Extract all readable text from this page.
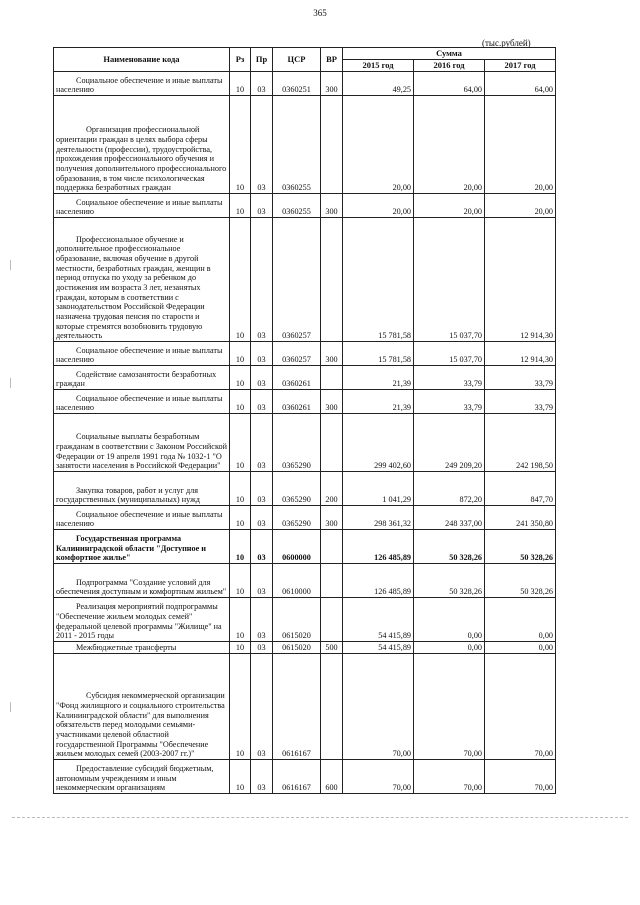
365
(тыс.рублей)
Наименование кода	Рз	Пр	ЦСР	ВР	Сумма		
					2015 год	2016 год	2017 год
Социальное обеспечение и иные выплаты населению	10	03	0360251	300	49,25	64,00	64,00
Организация профессиональной ориентации граждан в целях выбора сферы деятельности (профессии), трудоустройства, прохождения профессионального обучения и получения дополнительного профессионального образования, в том числе психологическая поддержка безработных граждан	10	03	0360255		20,00	20,00	20,00
Социальное обеспечение и иные выплаты населению	10	03	0360255	300	20,00	20,00	20,00
Профессиональное обучение и дополнительное профессиональное образование, включая обучение в другой местности, безработных граждан, женщин в период отпуска по уходу за ребенком до достижения им возраста 3 лет, незанятых граждан, которым в соответствии с законодательством Российской Федерации назначена трудовая пенсия по старости и которые стремятся возобновить трудовую деятельность	10	03	0360257		15 781,58	15 037,70	12 914,30
Социальное обеспечение и иные выплаты населению	10	03	0360257	300	15 781,58	15 037,70	12 914,30
Содействие самозанятости безработных граждан	10	03	0360261		21,39	33,79	33,79
Социальное обеспечение и иные выплаты населению	10	03	0360261	300	21,39	33,79	33,79
Социальные выплаты безработным гражданам в соответствии с Законом Российской Федерации от 19 апреля 1991 года № 1032-1 "О занятости населения в Российской Федерации"	10	03	0365290		299 402,60	249 209,20	242 198,50
Закупка товаров, работ и услуг для государственных (муниципальных) нужд	10	03	0365290	200	1 041,29	872,20	847,70
Социальное обеспечение и иные выплаты населению	10	03	0365290	300	298 361,32	248 337,00	241 350,80
Государственная программа Калининградской области "Доступное и комфортное жилье"	10	03	0600000		126 485,89	50 328,26	50 328,26
Подпрограмма "Создание условий для обеспечения доступным и комфортным жильем"	10	03	0610000		126 485,89	50 328,26	50 328,26
Реализация мероприятий подпрограммы "Обеспечение жильем молодых семей" федеральной целевой программы "Жилище" на 2011 - 2015 годы	10	03	0615020		54 415,89	0,00	0,00
Межбюджетные трансферты	10	03	0615020	500	54 415,89	0,00	0,00
Субсидия некоммерческой организации "Фонд жилищного и социального строительства Калининградской области" для выполнения обязательств перед молодыми семьями-участниками целевой областной государственной Программы "Обеспечение жильем молодых семей (2003-2007 гг.)"	10	03	0616167		70,00	70,00	70,00
Предоставление субсидий бюджетным, автономным учреждениям и иным некоммерческим организациям	10	03	0616167	600	70,00	70,00	70,00
